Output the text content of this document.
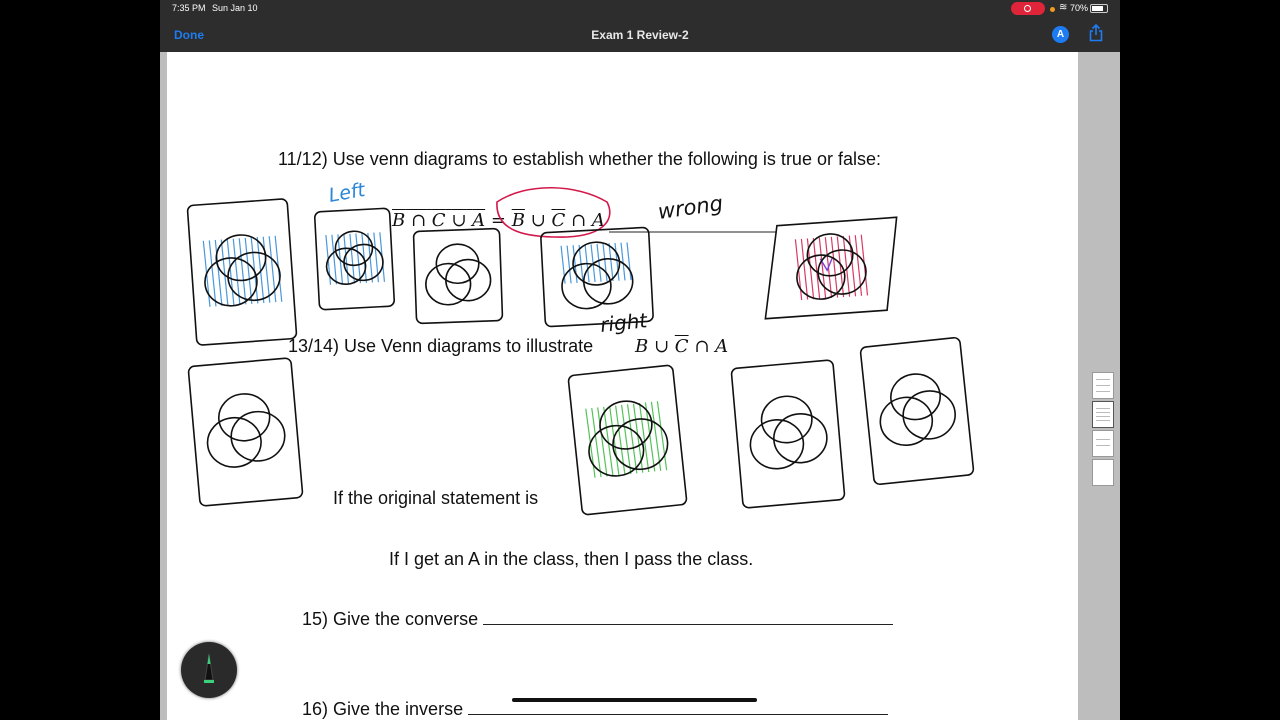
7:35 PM Sun Jan 10	≋ 70%
Done	Exam 1 Review-2	A
11/12) Use venn diagrams to establish whether the following is true or false:
B ∩ C ∪ $A = \overline{B}$ ∪ $\overline{C}$ ∩ A
13/14) Use Venn diagrams to illustrate B ∪ $\overline{C}$ ∩ A
If the original statement is
If I get an A in the class, then I pass the class.
15) Give the converse
16) Give the inverse
Left	wrong
right
